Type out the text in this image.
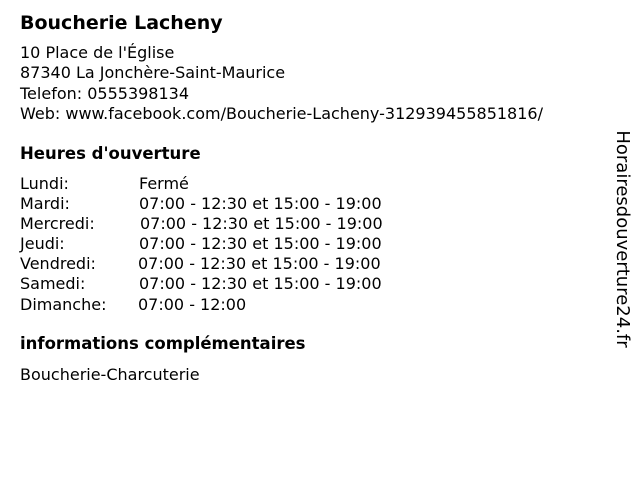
Boucherie Lacheny
10 Place de l'Église
87340 La Jonchère-Saint-Maurice
Telefon: 0555398134
Web: www.facebook.com/Boucherie-Lacheny-312939455851816/
Heures d'ouverture
Lundi:	Fermé
Mardi:	07:00 - 12:30 et 15:00 - 19:00
Mercredi:	07:00 - 12:30 et 15:00 - 19:00
Jeudi:	07:00 - 12:30 et 15:00 - 19:00
Vendredi:	07:00 - 12:30 et 15:00 - 19:00
Samedi:	07:00 - 12:30 et 15:00 - 19:00
Dimanche: 07:00 - 12:00
informations complémentaires
Boucherie-Charcuterie
Horairesdouverture24.fr
